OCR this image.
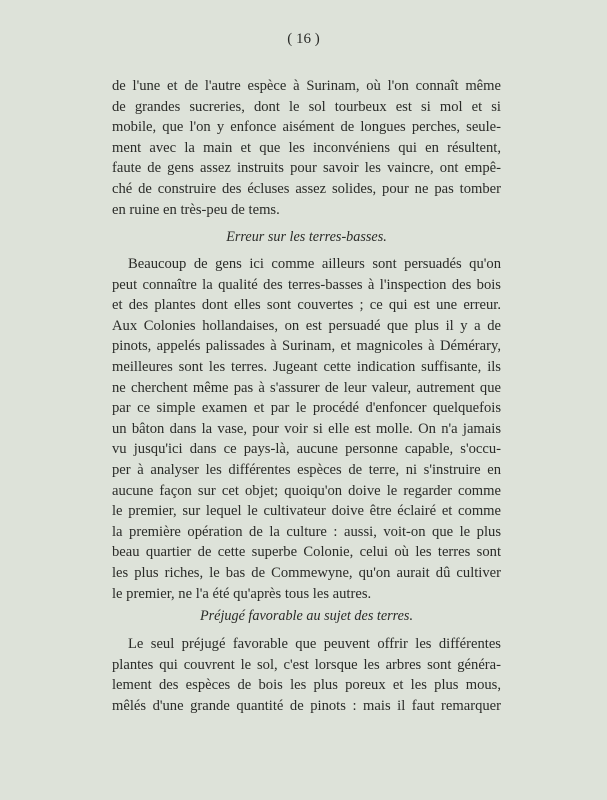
( 16 )
de l'une et de l'autre espèce à Surinam, où l'on connaît même
de grandes sucreries, dont le sol tourbeux est si mol et si
mobile, que l'on y enfonce aisément de longues perches, seule-
ment avec la main et que les inconvéniens qui en résultent,
faute de gens assez instruits pour savoir les vaincre, ont empê-
ché de construire des écluses assez solides, pour ne pas tomber
en ruine en très-peu de tems.
Erreur sur les terres-basses.
Beaucoup de gens ici comme ailleurs sont persuadés qu'on
peut connaître la qualité des terres-basses à l'inspection des bois
et des plantes dont elles sont couvertes ; ce qui est une erreur.
Aux Colonies hollandaises, on est persuadé que plus il y a de
pinots, appelés palissades à Surinam, et magnicoles à Démérary,
meilleures sont les terres. Jugeant cette indication suffisante, ils
ne cherchent même pas à s'assurer de leur valeur, autrement que
par ce simple examen et par le procédé d'enfoncer quelquefois
un bâton dans la vase, pour voir si elle est molle. On n'a jamais
vu jusqu'ici dans ce pays-là, aucune personne capable, s'occu-
per à analyser les différentes espèces de terre, ni s'instruire en
aucune façon sur cet objet; quoiqu'on doive le regarder comme
le premier, sur lequel le cultivateur doive être éclairé et comme
la première opération de la culture : aussi, voit-on que le plus
beau quartier de cette superbe Colonie, celui où les terres sont
les plus riches, le bas de Commewyne, qu'on aurait dû cultiver
le premier, ne l'a été qu'après tous les autres.
Préjugé favorable au sujet des terres.
Le seul préjugé favorable que peuvent offrir les différentes
plantes qui couvrent le sol, c'est lorsque les arbres sont généra-
lement des espèces de bois les plus poreux et les plus mous,
mêlés d'une grande quantité de pinots : mais il faut remarquer
